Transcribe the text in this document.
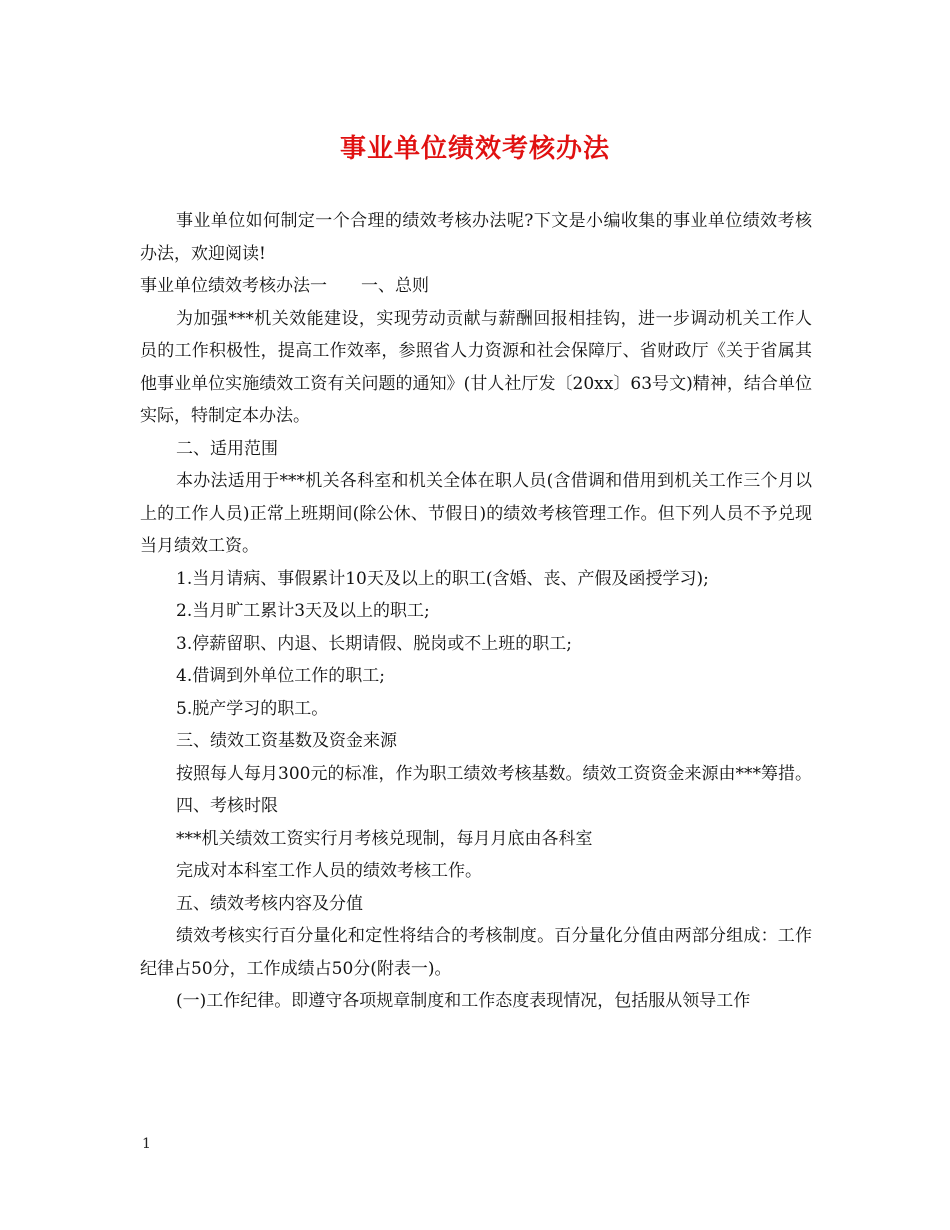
事业单位绩效考核办法

事业单位如何制定一个合理的绩效考核办法呢?下文是小编收集的事业单位绩效考核办法，欢迎阅读!

事业单位绩效考核办法一　　一、总则

为加强***机关效能建设，实现劳动贡献与薪酬回报相挂钩，进一步调动机关工作人员的工作积极性，提高工作效率，参照省人力资源和社会保障厅、省财政厅《关于省属其他事业单位实施绩效工资有关问题的通知》(甘人社厅发〔20xx〕63号文)精神，结合单位实际，特制定本办法。

二、适用范围

本办法适用于***机关各科室和机关全体在职人员(含借调和借用到机关工作三个月以上的工作人员)正常上班期间(除公休、节假日)的绩效考核管理工作。但下列人员不予兑现当月绩效工资。

1.当月请病、事假累计10天及以上的职工(含婚、丧、产假及函授学习);

2.当月旷工累计3天及以上的职工;

3.停薪留职、内退、长期请假、脱岗或不上班的职工;

4.借调到外单位工作的职工;

5.脱产学习的职工。

三、绩效工资基数及资金来源

按照每人每月300元的标准，作为职工绩效考核基数。绩效工资资金来源由***筹措。

四、考核时限

***机关绩效工资实行月考核兑现制，每月月底由各科室

完成对本科室工作人员的绩效考核工作。

五、绩效考核内容及分值

绩效考核实行百分量化和定性将结合的考核制度。百分量化分值由两部分组成：工作纪律占50分，工作成绩占50分(附表一)。

(一)工作纪律。即遵守各项规章制度和工作态度表现情况，包括服从领导工作

1
